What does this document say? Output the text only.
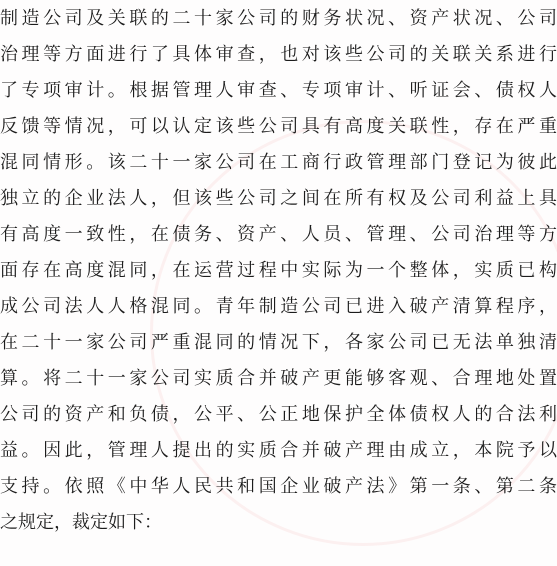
制造公司及关联的二十家公司的财务状况、资产状况、公司
治理等方面进行了具体审查，也对该些公司的关联关系进行
了专项审计。根据管理人审查、专项审计、听证会、债权人
反馈等情况，可以认定该些公司具有高度关联性，存在严重
混同情形。该二十一家公司在工商行政管理部门登记为彼此
独立的企业法人，但该些公司之间在所有权及公司利益上具
有高度一致性，在债务、资产、人员、管理、公司治理等方
面存在高度混同，在运营过程中实际为一个整体，实质已构
成公司法人人格混同。青年制造公司已进入破产清算程序，
在二十一家公司严重混同的情况下，各家公司已无法单独清
算。将二十一家公司实质合并破产更能够客观、合理地处置
公司的资产和负债，公平、公正地保护全体债权人的合法利
益。因此，管理人提出的实质合并破产理由成立，本院予以
支持。依照《中华人民共和国企业破产法》第一条、第二条
之规定，裁定如下：
